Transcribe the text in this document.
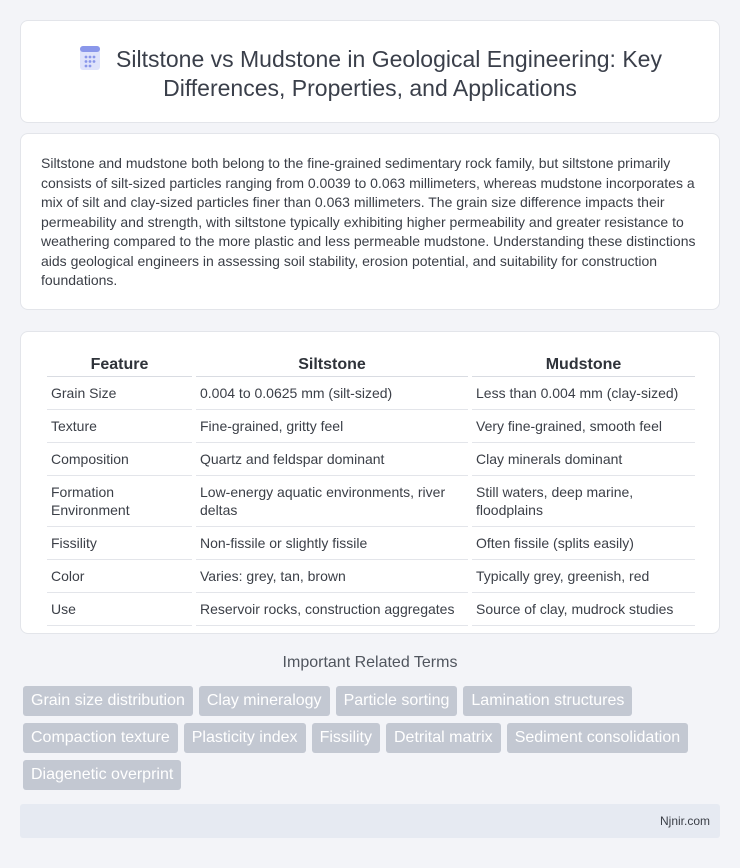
Siltstone vs Mudstone in Geological Engineering: Key Differences, Properties, and Applications

Siltstone and mudstone both belong to the fine-grained sedimentary rock family, but siltstone primarily consists of silt-sized particles ranging from 0.0039 to 0.063 millimeters, whereas mudstone incorporates a mix of silt and clay-sized particles finer than 0.063 millimeters. The grain size difference impacts their permeability and strength, with siltstone typically exhibiting higher permeability and greater resistance to weathering compared to the more plastic and less permeable mudstone. Understanding these distinctions aids geological engineers in assessing soil stability, erosion potential, and suitability for construction foundations.

Feature	Siltstone	Mudstone
Grain Size	0.004 to 0.0625 mm (silt-sized)	Less than 0.004 mm (clay-sized)
Texture	Fine-grained, gritty feel	Very fine-grained, smooth feel
Composition	Quartz and feldspar dominant	Clay minerals dominant
Formation Environment	Low-energy aquatic environments, river deltas	Still waters, deep marine, floodplains
Fissility	Non-fissile or slightly fissile	Often fissile (splits easily)
Color	Varies: grey, tan, brown	Typically grey, greenish, red
Use	Reservoir rocks, construction aggregates	Source of clay, mudrock studies
Important Related Terms
Grain size distribution	Clay mineralogy	Particle sorting	Lamination structures
Compaction texture	Plasticity index	Fissility	Detrital matrix	Sediment consolidation
Diagenetic overprint
Njnir.com
